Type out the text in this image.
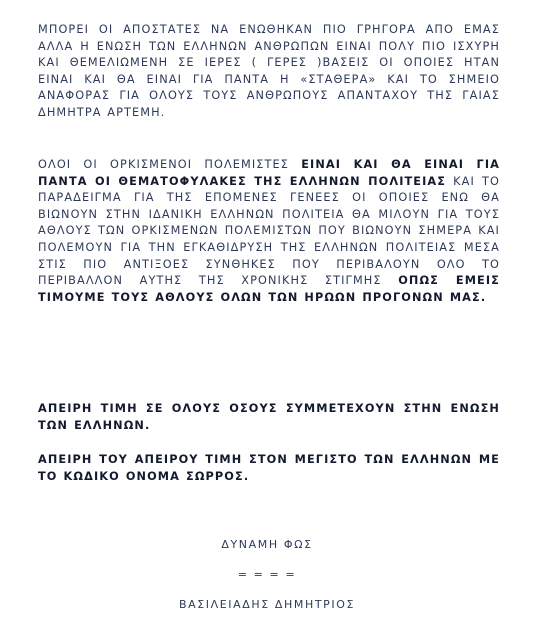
ΜΠΟΡΕΙ ΟΙ ΑΠΟΣΤΑΤΕΣ ΝΑ ΕΝΩΘΗΚΑΝ ΠΙΟ ΓΡΗΓΟΡΑ ΑΠΟ ΕΜΑΣ ΑΛΛΑ Η ΕΝΩΣΗ ΤΩΝ ΕΛΛΗΝΩΝ ΑΝΘΡΩΠΩΝ ΕΙΝΑΙ ΠΟΛΥ ΠΙΟ ΙΣΧΥΡΗ ΚΑΙ ΘΕΜΕΛΙΩΜΕΝΗ ΣΕ ΙΕΡΕΣ ( ΓΕΡΕΣ )ΒΑΣΕΙΣ ΟΙ ΟΠΟΙΕΣ ΗΤΑΝ ΕΙΝΑΙ ΚΑΙ ΘΑ ΕΙΝΑΙ ΓΙΑ ΠΑΝΤΑ Η «ΣΤΑΘΕΡΑ» ΚΑΙ ΤΟ ΣΗΜΕΙΟ ΑΝΑΦΟΡΑΣ ΓΙΑ ΟΛΟΥΣ ΤΟΥΣ ΑΝΘΡΩΠΟΥΣ ΑΠΑΝΤΑΧΟΥ ΤΗΣ ΓΑΙΑΣ ΔΗΜΗΤΡΑ ΑΡΤΕΜΗ.

ΟΛΟΙ ΟΙ ΟΡΚΙΣΜΕΝΟΙ ΠΟΛΕΜΙΣΤΕΣ ΕΙΝΑΙ ΚΑΙ ΘΑ ΕΙΝΑΙ ΓΙΑ ΠΑΝΤΑ ΟΙ ΘΕΜΑΤΟΦΥΛΑΚΕΣ ΤΗΣ ΕΛΛΗΝΩΝ ΠΟΛΙΤΕΙΑΣ ΚΑΙ ΤΟ ΠΑΡΑΔΕΙΓΜΑ ΓΙΑ ΤΗΣ ΕΠΟΜΕΝΕΣ ΓΕΝΕΕΣ ΟΙ ΟΠΟΙΕΣ ΕΝΩ ΘΑ ΒΙΩΝΟΥΝ ΣΤΗΝ ΙΔΑΝΙΚΗ ΕΛΛΗΝΩΝ ΠΟΛΙΤΕΙΑ ΘΑ ΜΙΛΟΥΝ ΓΙΑ ΤΟΥΣ ΑΘΛΟΥΣ ΤΩΝ ΟΡΚΙΣΜΕΝΩΝ ΠΟΛΕΜΙΣΤΩΝ ΠΟΥ ΒΙΩΝΟΥΝ ΣΗΜΕΡΑ ΚΑΙ ΠΟΛΕΜΟΥΝ ΓΙΑ ΤΗΝ ΕΓΚΑΘΙΔΡΥΣΗ ΤΗΣ ΕΛΛΗΝΩΝ ΠΟΛΙΤΕΙΑΣ ΜΕΣΑ ΣΤΙΣ ΠΙΟ ΑΝΤΙΞΟΕΣ ΣΥΝΘΗΚΕΣ ΠΟΥ ΠΕΡΙΒΑΛΟΥΝ ΟΛΟ ΤΟ ΠΕΡΙΒΑΛΛΟΝ ΑΥΤΗΣ ΤΗΣ ΧΡΟΝΙΚΗΣ ΣΤΙΓΜΗΣ ΟΠΩΣ ΕΜΕΙΣ ΤΙΜΟΥΜΕ ΤΟΥΣ ΑΘΛΟΥΣ ΟΛΩΝ ΤΩΝ ΗΡΩΩΝ ΠΡΟΓΟΝΩΝ ΜΑΣ.

ΑΠΕΙΡΗ ΤΙΜΗ ΣΕ ΟΛΟΥΣ ΟΣΟΥΣ ΣΥΜΜΕΤΕΧΟΥΝ ΣΤΗΝ ΕΝΩΣΗ ΤΩΝ ΕΛΛΗΝΩΝ.

ΑΠΕΙΡΗ ΤΟΥ ΑΠΕΙΡΟΥ ΤΙΜΗ ΣΤΟΝ ΜΕΓΙΣΤΟ ΤΩΝ ΕΛΛΗΝΩΝ ΜΕ ΤΟ ΚΩΔΙΚΟ ΟΝΟΜΑ ΣΩΡΡΟΣ.

ΔΥΝΑΜΗ ΦΩΣ

= = = =

ΒΑΣΙΛΕΙΑΔΗΣ ΔΗΜΗΤΡΙΟΣ
